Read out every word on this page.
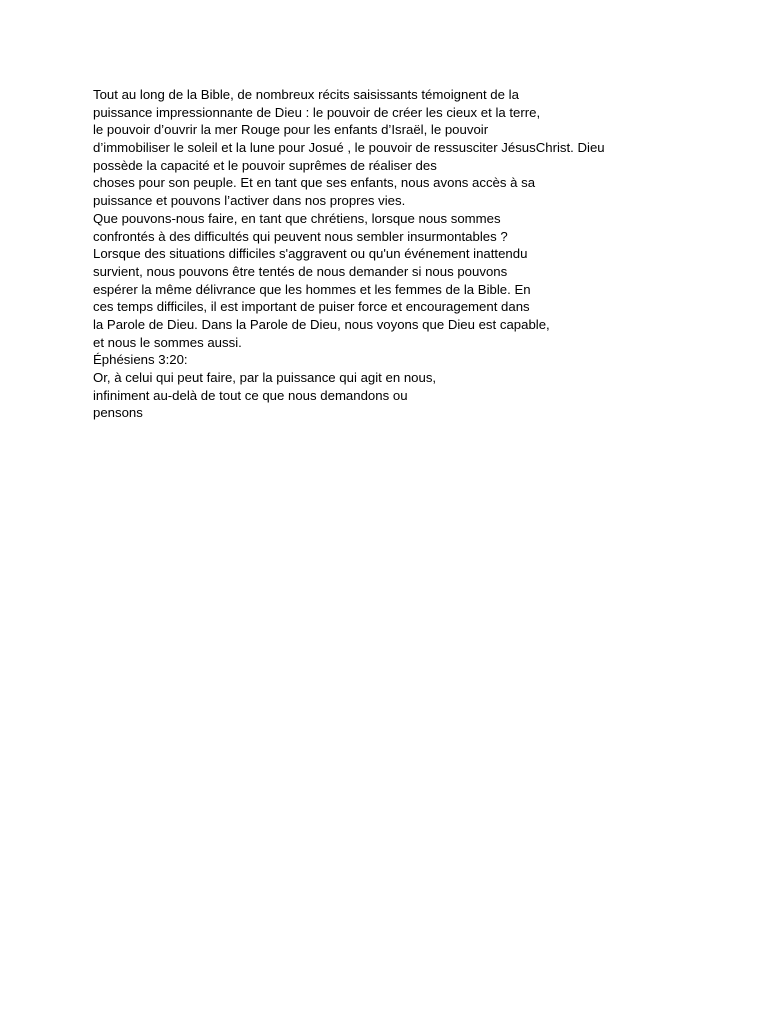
Tout au long de la Bible, de nombreux récits saisissants témoignent de la
puissance impressionnante de Dieu : le pouvoir de créer les cieux et la terre,
le pouvoir d’ouvrir la mer Rouge pour les enfants d’Israël, le pouvoir
d’immobiliser le soleil et la lune pour Josué , le pouvoir de ressusciter JésusChrist. Dieu
possède la capacité et le pouvoir suprêmes de réaliser des
choses pour son peuple. Et en tant que ses enfants, nous avons accès à sa
puissance et pouvons l’activer dans nos propres vies.
Que pouvons-nous faire, en tant que chrétiens, lorsque nous sommes
confrontés à des difficultés qui peuvent nous sembler insurmontables ?
Lorsque des situations difficiles s'aggravent ou qu'un événement inattendu
survient, nous pouvons être tentés de nous demander si nous pouvons
espérer la même délivrance que les hommes et les femmes de la Bible. En
ces temps difficiles, il est important de puiser force et encouragement dans
la Parole de Dieu. Dans la Parole de Dieu, nous voyons que Dieu est capable,
et nous le sommes aussi.
Éphésiens 3:20:
Or, à celui qui peut faire, par la puissance qui agit en nous,
infiniment au-delà de tout ce que nous demandons ou
pensons
